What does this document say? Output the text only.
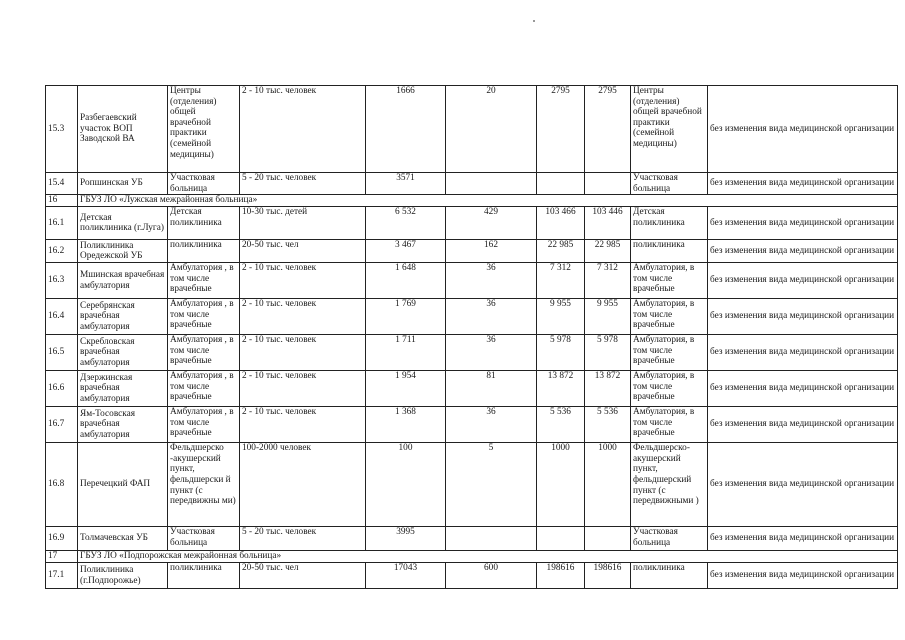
15.3	Разбегаевский участок ВОП Заводской ВА	Центры (отделения) общей врачебной практики (семейной медицины)	2 - 10 тыс. человек	1666	20	2795	2795	Центры (отделения) общей врачебной практики (семейной медицины)	без изменения вида медицинской организации
15.4	Ропшинская УБ	Участковая больница	5 - 20 тыс. человек	3571				Участковая больница	без изменения вида медицинской организации
16	ГБУЗ ЛО «Лужская межрайонная больница»								
16.1	Детская поликлиника (г.Луга)	Детская поликлиника	10-30 тыс. детей	6 532	429	103 466	103 446	Детская поликлиника	без изменения вида медицинской организации
16.2	Поликлиника Оредежской УБ	поликлиника	20-50 тыс. чел	3 467	162	22 985	22 985	поликлиника	без изменения вида медицинской организации
16.3	Мшинская врачебная амбулатория	Амбулатория , в том числе врачебные	2 - 10 тыс. человек	1 648	36	7 312	7 312	Амбулатория, в том числе врачебные	без изменения вида медицинской организации
16.4	Серебрянская врачебная амбулатория	Амбулатория , в том числе врачебные	2 - 10 тыс. человек	1 769	36	9 955	9 955	Амбулатория, в том числе врачебные	без изменения вида медицинской организации
16.5	Скребловская врачебная амбулатория	Амбулатория , в том числе врачебные	2 - 10 тыс. человек	1 711	36	5 978	5 978	Амбулатория, в том числе врачебные	без изменения вида медицинской организации
16.6	Дзержинская врачебная амбулатория	Амбулатория , в том числе врачебные	2 - 10 тыс. человек	1 954	81	13 872	13 872	Амбулатория, в том числе врачебные	без изменения вида медицинской организации
16.7	Ям-Тосовская врачебная амбулатория	Амбулатория , в том числе врачебные	2 - 10 тыс. человек	1 368	36	5 536	5 536	Амбулатория, в том числе врачебные	без изменения вида медицинской организации
16.8	Перечецкий ФАП	Фельдшерско -акушерский пункт, фельдшерски й пункт (с передвижны ми)	100-2000 человек	100	5	1000	1000	Фельдшерско-акушерский пункт, фельдшерский пункт (с передвижными )	без изменения вида медицинской организации
16.9	Толмачевская УБ	Участковая больница	5 - 20 тыс. человек	3995				Участковая больница	без изменения вида медицинской организации
17	ГБУЗ ЛО «Подпорожская межрайонная больница»								
17.1	Поликлиника (г.Подпорожье)	поликлиника	20-50 тыс. чел	17043	600	198616	198616	поликлиника	без изменения вида медицинской организации
